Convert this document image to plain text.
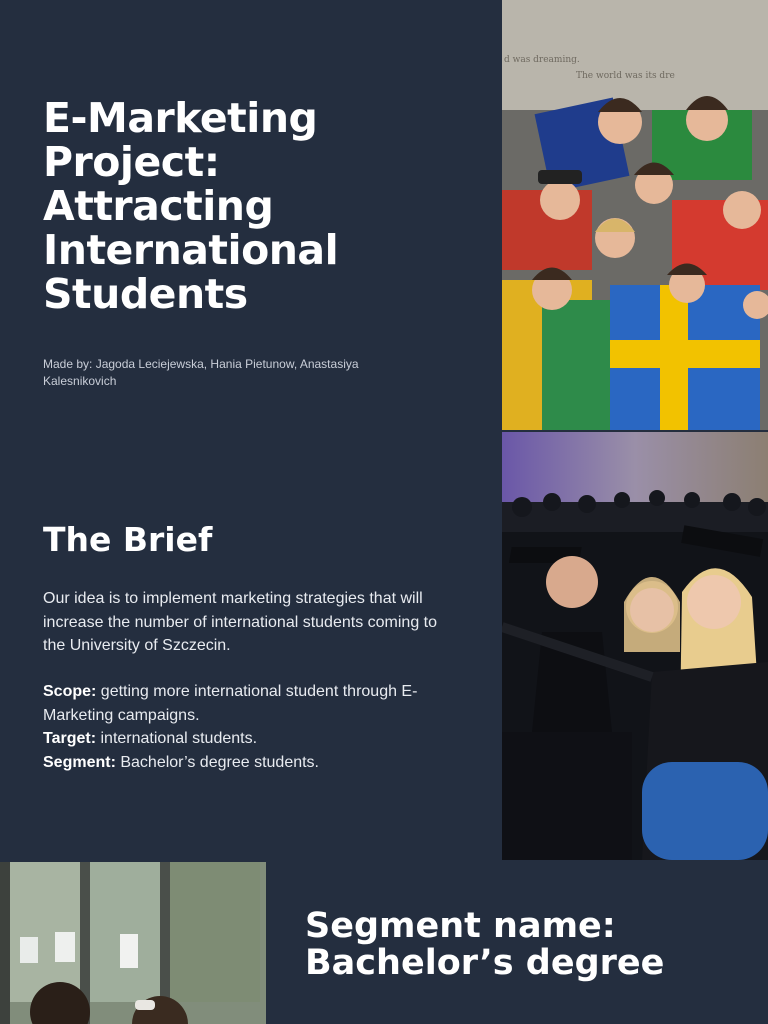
E-Marketing Project: Attracting International Students

Made by: Jagoda Leciejewska, Hania Pietunow, Anastasiya Kalesnikovich

The Brief

Our idea is to implement marketing strategies that will increase the number of international students coming to the University of Szczecin.

Scope: getting more international student through E-Marketing campaigns.
Target: international students.
Segment: Bachelor’s degree students.
Segment name: Bachelor’s degree
d was dreaming.
The world was its dre
